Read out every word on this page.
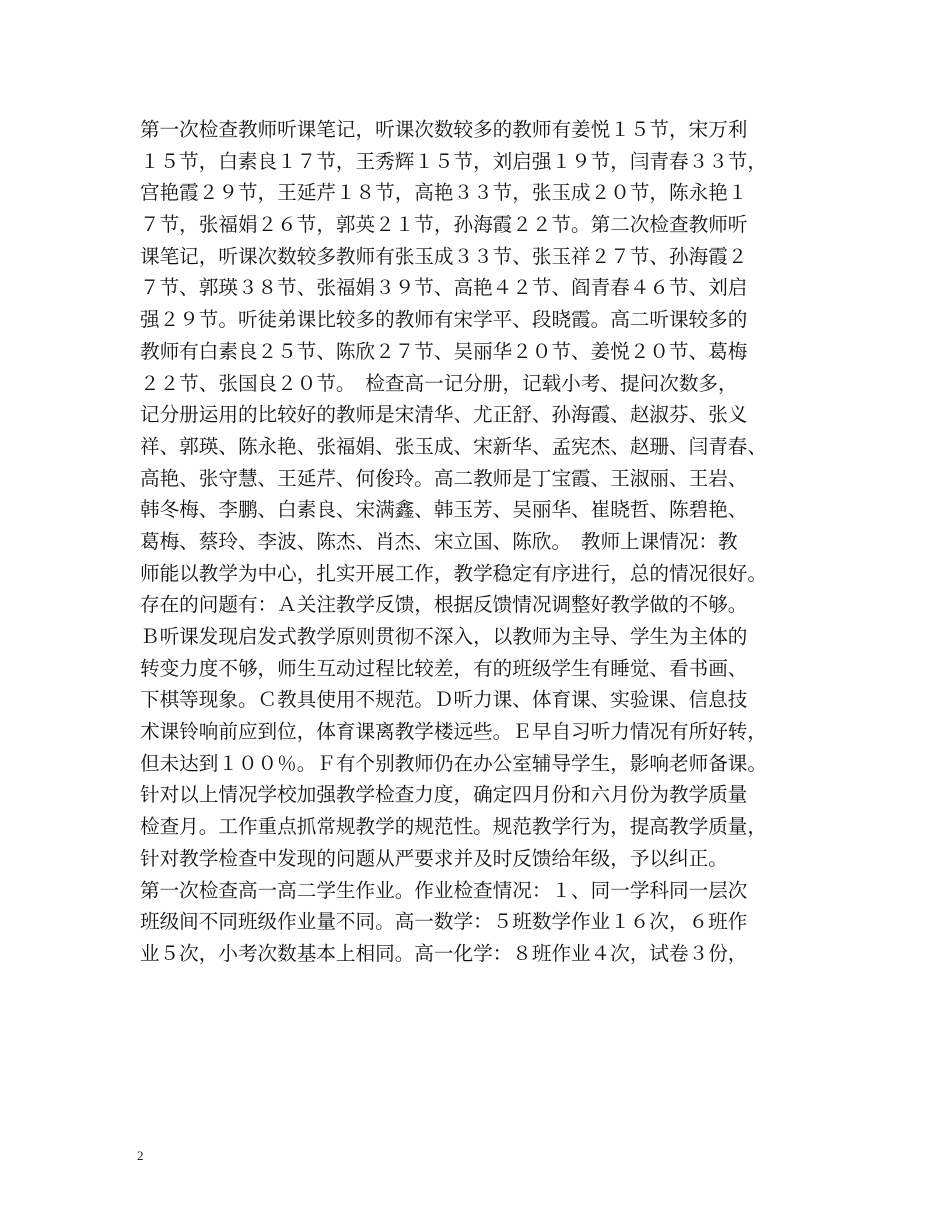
第一次检查教师听课笔记，听课次数较多的教师有姜悦１５节，宋万利
１５节，白素良１７节，王秀辉１５节，刘启强１９节，闫青春３３节，
宫艳霞２９节，王延芹１８节，高艳３３节，张玉成２０节，陈永艳１
７节，张福娟２６节，郭英２１节，孙海霞２２节。第二次检查教师听
课笔记，听课次数较多教师有张玉成３３节、张玉祥２７节、孙海霞２
７节、郭瑛３８节、张福娟３９节、高艳４２节、阎青春４６节、刘启
强２９节。听徒弟课比较多的教师有宋学平、段晓霞。高二听课较多的
教师有白素良２５节、陈欣２７节、吴丽华２０节、姜悦２０节、葛梅
２２节、张国良２０节。　检查高一记分册，记载小考、提问次数多，
记分册运用的比较好的教师是宋清华、尤正舒、孙海霞、赵淑芬、张义
祥、郭瑛、陈永艳、张福娟、张玉成、宋新华、孟宪杰、赵珊、闫青春、
高艳、张守慧、王延芹、何俊玲。高二教师是丁宝霞、王淑丽、王岩、
韩冬梅、李鹏、白素良、宋满鑫、韩玉芳、吴丽华、崔晓哲、陈碧艳、
葛梅、蔡玲、李波、陈杰、肖杰、宋立国、陈欣。　教师上课情况：教
师能以教学为中心，扎实开展工作，教学稳定有序进行，总的情况很好。
存在的问题有：Ａ关注教学反馈，根据反馈情况调整好教学做的不够。
Ｂ听课发现启发式教学原则贯彻不深入，以教师为主导、学生为主体的
转变力度不够，师生互动过程比较差，有的班级学生有睡觉、看书画、
下棋等现象。Ｃ教具使用不规范。Ｄ听力课、体育课、实验课、信息技
术课铃响前应到位，体育课离教学楼远些。Ｅ早自习听力情况有所好转，
但未达到１００％。Ｆ有个别教师仍在办公室辅导学生，影响老师备课。
针对以上情况学校加强教学检查力度，确定四月份和六月份为教学质量
检查月。工作重点抓常规教学的规范性。规范教学行为，提高教学质量，
针对教学检查中发现的问题从严要求并及时反馈给年级，予以纠正。
第一次检查高一高二学生作业。作业检查情况：１、同一学科同一层次
班级间不同班级作业量不同。高一数学：５班数学作业１６次，６班作
业５次，小考次数基本上相同。高一化学：８班作业４次，试卷３份，
2
